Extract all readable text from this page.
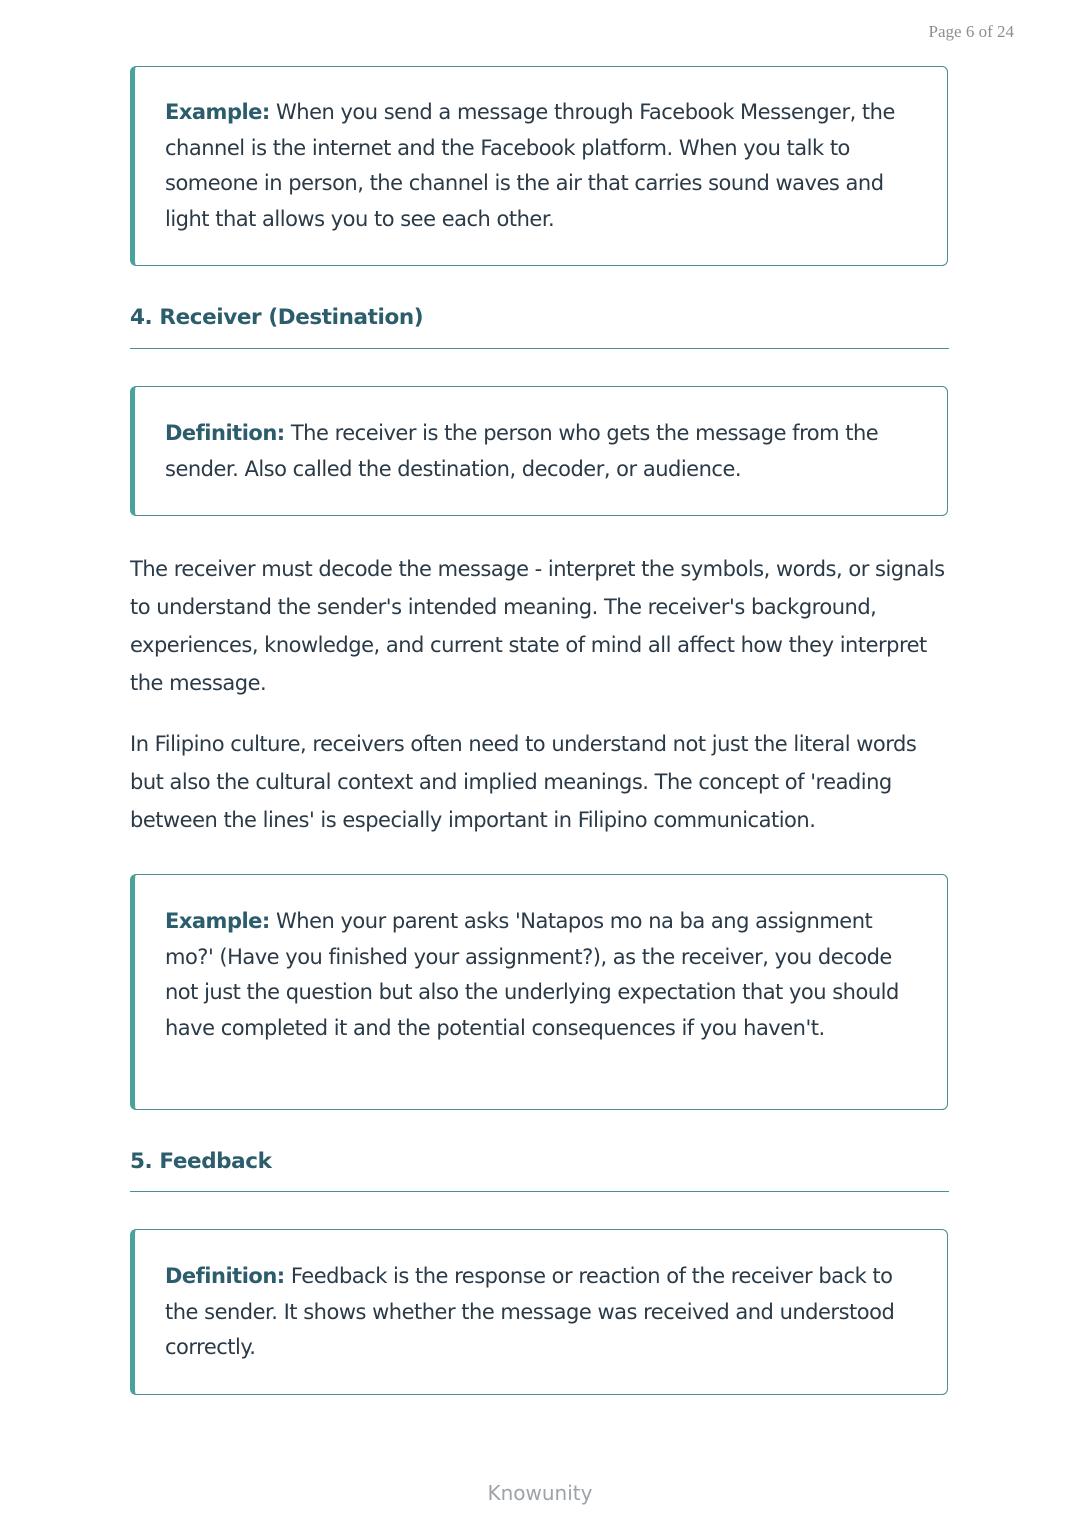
Page 6 of 24
Example: When you send a message through Facebook Messenger, the channel is the internet and the Facebook platform. When you talk to someone in person, the channel is the air that carries sound waves and light that allows you to see each other.
4. Receiver (Destination)
Definition: The receiver is the person who gets the message from the sender. Also called the destination, decoder, or audience.

The receiver must decode the message - interpret the symbols, words, or signals to understand the sender's intended meaning. The receiver's background, experiences, knowledge, and current state of mind all affect how they interpret the message.

In Filipino culture, receivers often need to understand not just the literal words but also the cultural context and implied meanings. The concept of 'reading between the lines' is especially important in Filipino communication.

Example: When your parent asks 'Natapos mo na ba ang assignment mo?' (Have you finished your assignment?), as the receiver, you decode not just the question but also the underlying expectation that you should have completed it and the potential consequences if you haven't.
5. Feedback
Definition: Feedback is the response or reaction of the receiver back to the sender. It shows whether the message was received and understood correctly.
Knowunity
